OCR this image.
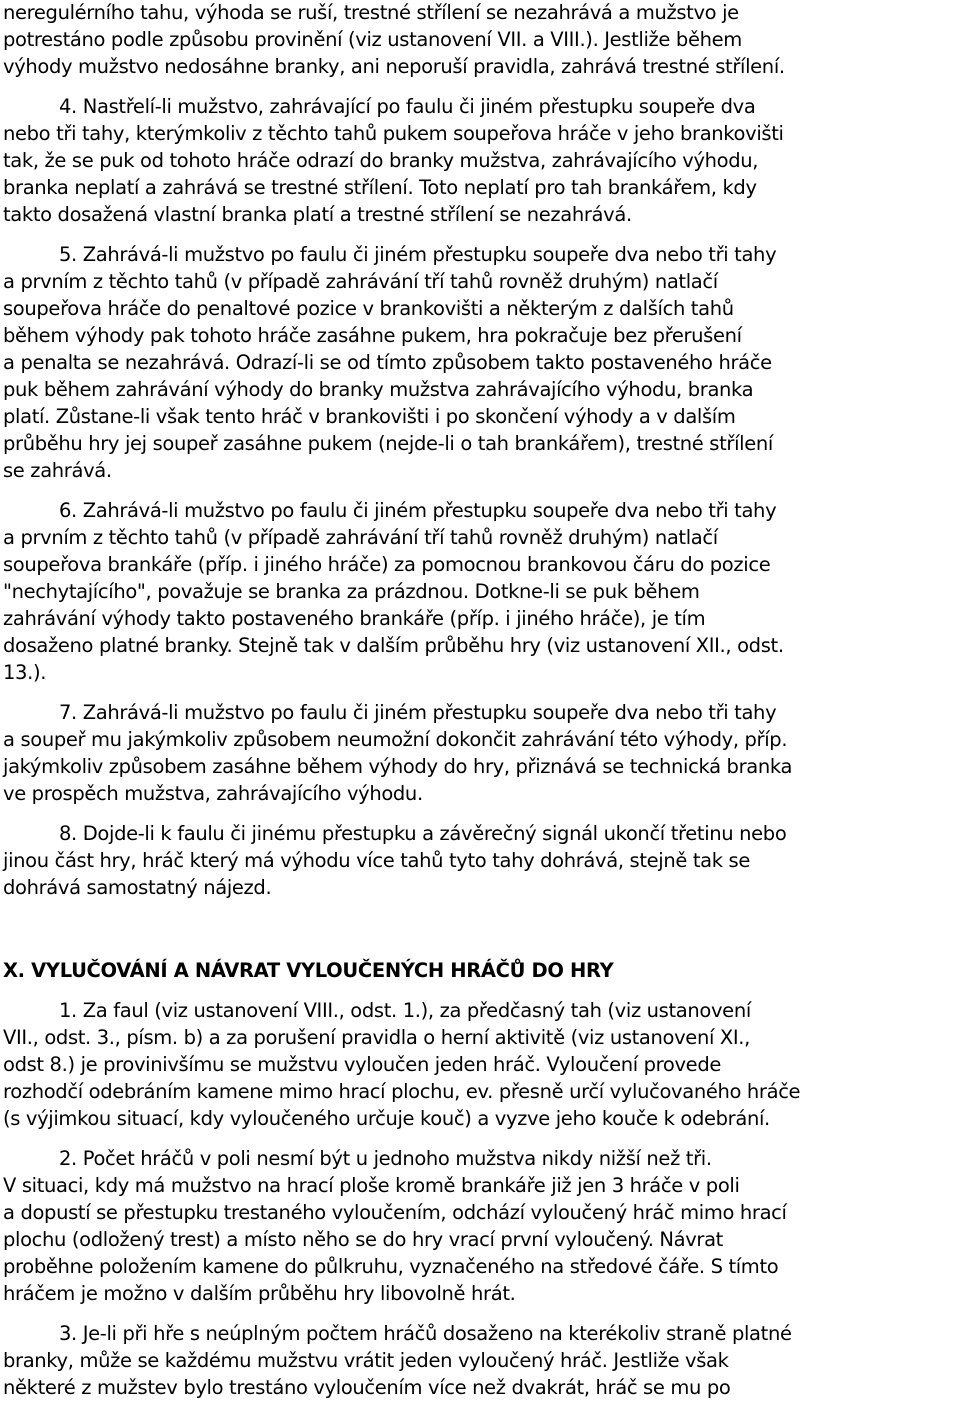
neregulérního tahu, výhoda se ruší, trestné střílení se nezahrává a mužstvo je
potrestáno podle způsobu provinění (viz ustanovení VII. a VIII.). Jestliže během
výhody mužstvo nedosáhne branky, ani neporuší pravidla, zahrává trestné střílení.
4. Nastřelí-li mužstvo, zahrávající po faulu či jiném přestupku soupeře dva
nebo tři tahy, kterýmkoliv z těchto tahů pukem soupeřova hráče v jeho brankovišti
tak, že se puk od tohoto hráče odrazí do branky mužstva, zahrávajícího výhodu,
branka neplatí a zahrává se trestné střílení. Toto neplatí pro tah brankářem, kdy
takto dosažená vlastní branka platí a trestné střílení se nezahrává.
5. Zahrává-li mužstvo po faulu či jiném přestupku soupeře dva nebo tři tahy
a prvním z těchto tahů (v případě zahrávání tří tahů rovněž druhým) natlačí
soupeřova hráče do penaltové pozice v brankovišti a některým z dalších tahů
během výhody pak tohoto hráče zasáhne pukem, hra pokračuje bez přerušení
a penalta se nezahrává. Odrazí-li se od tímto způsobem takto postaveného hráče
puk během zahrávání výhody do branky mužstva zahrávajícího výhodu, branka
platí. Zůstane-li však tento hráč v brankovišti i po skončení výhody a v dalším
průběhu hry jej soupeř zasáhne pukem (nejde-li o tah brankářem), trestné střílení
se zahrává.
6. Zahrává-li mužstvo po faulu či jiném přestupku soupeře dva nebo tři tahy
a prvním z těchto tahů (v případě zahrávání tří tahů rovněž druhým) natlačí
soupeřova brankáře (příp. i jiného hráče) za pomocnou brankovou čáru do pozice
"nechytajícího", považuje se branka za prázdnou. Dotkne-li se puk během
zahrávání výhody takto postaveného brankáře (příp. i jiného hráče), je tím
dosaženo platné branky. Stejně tak v dalším průběhu hry (viz ustanovení XII., odst.
13.).
7. Zahrává-li mužstvo po faulu či jiném přestupku soupeře dva nebo tři tahy
a soupeř mu jakýmkoliv způsobem neumožní dokončit zahrávání této výhody, příp.
jakýmkoliv způsobem zasáhne během výhody do hry, přiznává se technická branka
ve prospěch mužstva, zahrávajícího výhodu.
8. Dojde-li k faulu či jinému přestupku a závěrečný signál ukončí třetinu nebo
jinou část hry, hráč který má výhodu více tahů tyto tahy dohrává, stejně tak se
dohrává samostatný nájezd.
X. VYLUČOVÁNÍ A NÁVRAT VYLOUČENÝCH HRÁČŮ DO HRY
1. Za faul (viz ustanovení VIII., odst. 1.), za předčasný tah (viz ustanovení
VII., odst. 3., písm. b) a za porušení pravidla o herní aktivitě (viz ustanovení XI.,
odst 8.) je provinivšímu se mužstvu vyloučen jeden hráč. Vyloučení provede
rozhodčí odebráním kamene mimo hrací plochu, ev. přesně určí vylučovaného hráče
(s výjimkou situací, kdy vyloučeného určuje kouč) a vyzve jeho kouče k odebrání.
2. Počet hráčů v poli nesmí být u jednoho mužstva nikdy nižší než tři.
V situaci, kdy má mužstvo na hrací ploše kromě brankáře již jen 3 hráče v poli
a dopustí se přestupku trestaného vyloučením, odchází vyloučený hráč mimo hrací
plochu (odložený trest) a místo něho se do hry vrací první vyloučený. Návrat
proběhne položením kamene do půlkruhu, vyznačeného na středové čáře. S tímto
hráčem je možno v dalším průběhu hry libovolně hrát.
3. Je-li při hře s neúplným počtem hráčů dosaženo na kterékoliv straně platné
branky, může se každému mužstvu vrátit jeden vyloučený hráč. Jestliže však
některé z mužstev bylo trestáno vyloučením více než dvakrát, hráč se mu po
